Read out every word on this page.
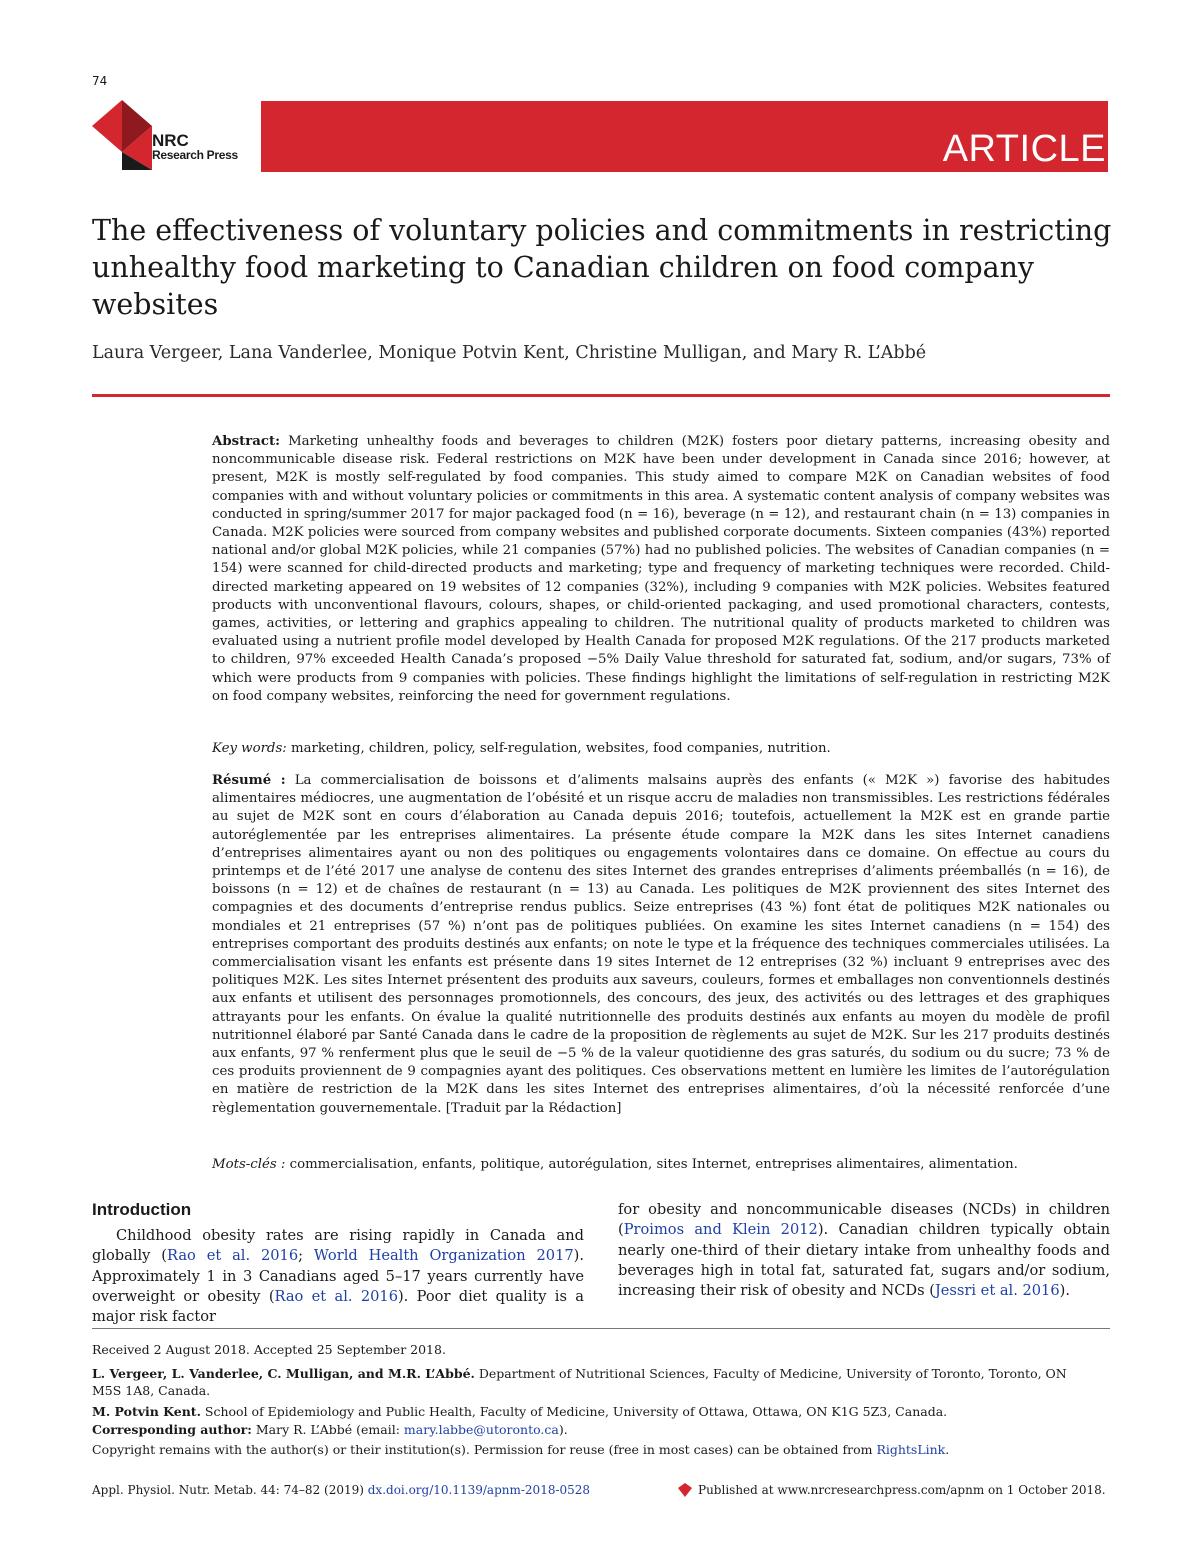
74
NRC
Research Press	ARTICLE
The effectiveness of voluntary policies and commitments in restricting unhealthy food marketing to Canadian children on food company websites
Laura Vergeer, Lana Vanderlee, Monique Potvin Kent, Christine Mulligan, and Mary R. L’Abbé
Abstract: Marketing unhealthy foods and beverages to children (M2K) fosters poor dietary patterns, increasing obesity and noncommunicable disease risk. Federal restrictions on M2K have been under development in Canada since 2016; however, at present, M2K is mostly self-regulated by food companies. This study aimed to compare M2K on Canadian websites of food companies with and without voluntary policies or commitments in this area. A systematic content analysis of company websites was conducted in spring/summer 2017 for major packaged food (n = 16), beverage (n = 12), and restaurant chain (n = 13) companies in Canada. M2K policies were sourced from company websites and published corporate documents. Sixteen companies (43%) reported national and/or global M2K policies, while 21 companies (57%) had no published policies. The websites of Canadian companies (n = 154) were scanned for child-directed products and marketing; type and frequency of marketing techniques were recorded. Child-directed marketing appeared on 19 websites of 12 companies (32%), including 9 companies with M2K policies. Websites featured products with unconventional flavours, colours, shapes, or child-oriented packaging, and used promotional characters, contests, games, activities, or lettering and graphics appealing to children. The nutritional quality of products marketed to children was evaluated using a nutrient profile model developed by Health Canada for proposed M2K regulations. Of the 217 products marketed to children, 97% exceeded Health Canada’s proposed −5% Daily Value threshold for saturated fat, sodium, and/or sugars, 73% of which were products from 9 companies with policies. These findings highlight the limitations of self-regulation in restricting M2K on food company websites, reinforcing the need for government regulations.
Key words: marketing, children, policy, self-regulation, websites, food companies, nutrition.
Résumé : La commercialisation de boissons et d’aliments malsains auprès des enfants (« M2K ») favorise des habitudes alimentaires médiocres, une augmentation de l’obésité et un risque accru de maladies non transmissibles. Les restrictions fédérales au sujet de M2K sont en cours d’élaboration au Canada depuis 2016; toutefois, actuellement la M2K est en grande partie autoréglementée par les entreprises alimentaires. La présente étude compare la M2K dans les sites Internet canadiens d’entreprises alimentaires ayant ou non des politiques ou engagements volontaires dans ce domaine. On effectue au cours du printemps et de l’été 2017 une analyse de contenu des sites Internet des grandes entreprises d’aliments préemballés (n = 16), de boissons (n = 12) et de chaînes de restaurant (n = 13) au Canada. Les politiques de M2K proviennent des sites Internet des compagnies et des documents d’entreprise rendus publics. Seize entreprises (43 %) font état de politiques M2K nationales ou mondiales et 21 entreprises (57 %) n’ont pas de politiques publiées. On examine les sites Internet canadiens (n = 154) des entreprises comportant des produits destinés aux enfants; on note le type et la fréquence des techniques commerciales utilisées. La commercialisation visant les enfants est présente dans 19 sites Internet de 12 entreprises (32 %) incluant 9 entreprises avec des politiques M2K. Les sites Internet présentent des produits aux saveurs, couleurs, formes et emballages non conventionnels destinés aux enfants et utilisent des personnages promotionnels, des concours, des jeux, des activités ou des lettrages et des graphiques attrayants pour les enfants. On évalue la qualité nutritionnelle des produits destinés aux enfants au moyen du modèle de profil nutritionnel élaboré par Santé Canada dans le cadre de la proposition de règlements au sujet de M2K. Sur les 217 produits destinés aux enfants, 97 % renferment plus que le seuil de −5 % de la valeur quotidienne des gras saturés, du sodium ou du sucre; 73 % de ces produits proviennent de 9 compagnies ayant des politiques. Ces observations mettent en lumière les limites de l’autorégulation en matière de restriction de la M2K dans les sites Internet des entreprises alimentaires, d’où la nécessité renforcée d’une règlementation gouvernementale. [Traduit par la Rédaction]
Mots-clés : commercialisation, enfants, politique, autorégulation, sites Internet, entreprises alimentaires, alimentation.
Introduction
Childhood obesity rates are rising rapidly in Canada and globally (Rao et al. 2016; World Health Organization 2017). Approximately 1 in 3 Canadians aged 5–17 years currently have overweight or obesity (Rao et al. 2016). Poor diet quality is a major risk factor
for obesity and noncommunicable diseases (NCDs) in children (Proimos and Klein 2012). Canadian children typically obtain nearly one-third of their dietary intake from unhealthy foods and beverages high in total fat, saturated fat, sugars and/or sodium, increasing their risk of obesity and NCDs (Jessri et al. 2016).
Received 2 August 2018. Accepted 25 September 2018.
L. Vergeer, L. Vanderlee, C. Mulligan, and M.R. L’Abbé. Department of Nutritional Sciences, Faculty of Medicine, University of Toronto, Toronto, ON M5S 1A8, Canada.
M. Potvin Kent. School of Epidemiology and Public Health, Faculty of Medicine, University of Ottawa, Ottawa, ON K1G 5Z3, Canada.
Corresponding author: Mary R. L’Abbé (email: mary.labbe@utoronto.ca).
Copyright remains with the author(s) or their institution(s). Permission for reuse (free in most cases) can be obtained from RightsLink.
Appl. Physiol. Nutr. Metab. 44: 74–82 (2019) dx.doi.org/10.1139/apnm-2018-0528	Published at www.nrcresearchpress.com/apnm on 1 October 2018.
